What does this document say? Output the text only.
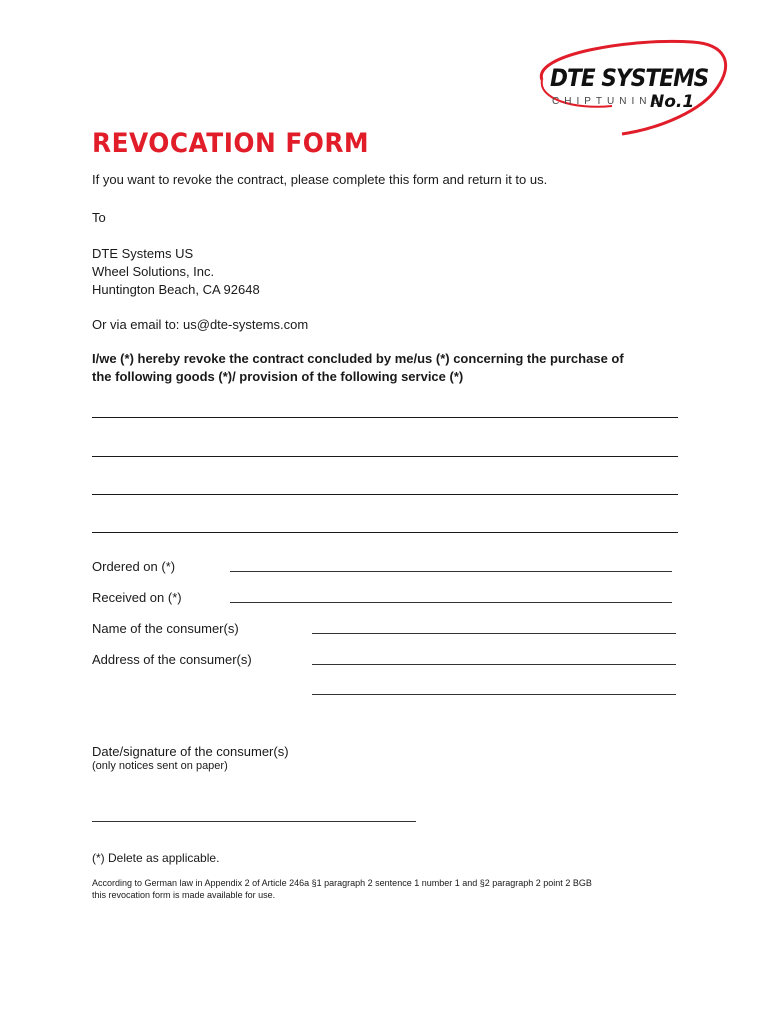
DTE SYSTEMS
CHIPTUNING
No.1
REVOCATION FORM
If you want to revoke the contract, please complete this form and return it to us.
To
DTE Systems US
Wheel Solutions, Inc.
Huntington Beach, CA 92648
Or via email to: us@dte-systems.com
I/we (*) hereby revoke the contract concluded by me/us (*) concerning the purchase of
the following goods (*)/ provision of the following service (*)
Ordered on (*)
Received on (*)
Name of the consumer(s)
Address of the consumer(s)
Date/signature of the consumer(s)
(only notices sent on paper)
(*) Delete as applicable.
According to German law in Appendix 2 of Article 246a §1 paragraph 2 sentence 1 number 1 and §2 paragraph 2 point 2 BGB
this revocation form is made available for use.
